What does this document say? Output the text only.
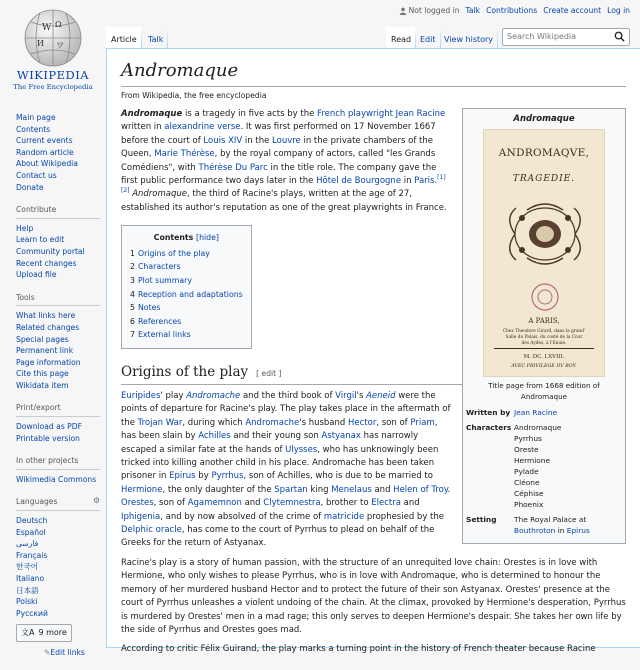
Not logged in Talk Contributions Create account Log in
W Ω
И ワ
WIKIPEDIA
The Free Encyclopedia
Article	Talk	Read	Edit	View history	Search Wikipedia
Main page
Contents
Current events
Random article
About Wikipedia
Contact us
Donate
Contribute
Help
Learn to edit
Community portal
Recent changes
Upload file
Tools
What links here
Related changes
Special pages
Permanent link
Page information
Cite this page
Wikidata item
Print/export
Download as PDF
Printable version
In other projects
Wikimedia Commons
Languages	⚙
Deutsch
Español
فارسی
Français
한국어
Italiano
日本語
Polski
Русский
文A 9 more
✎Edit links
Andromaque
From Wikipedia, the free encyclopedia
Andromaque
ANDROMAQVE,
TRAGEDIE.
A PARIS,
Chez Theodore Girard, dans la grand'
Salle du Palais, du costé de la Cour
des Aydes, à l'Enuie.
M. DC. LXVIII.
AVEC PRIVILEGE DV ROY.
Title page from 1668 edition of Andromaque
Written by Jean Racine
Characters Andromaque
Pyrrhus
Oreste
Hermione
Pylade
Cléone
Céphise
Phoenix
Setting	The Royal Palace at Bouthroton in Epirus

Andromaque is a tragedy in five acts by the French playwright Jean Racine written in alexandrine verse. It was first performed on 17 November 1667 before the court of Louis XIV in the Louvre in the private chambers of the Queen, Marie Thérèse, by the royal company of actors, called "les Grands Comédiens", with Thérèse Du Parc in the title role. The company gave the first public performance two days later in the Hôtel de Bourgogne in Paris.[1][2] Andromaque, the third of Racine's plays, written at the age of 27, established its author's reputation as one of the great playwrights in France.

Contents [hide]
1 Origins of the play
2 Characters
3 Plot summary
4 Reception and adaptations
5 Notes
6 References
7 External links
Origins of the play [ edit ]

Euripides' play Andromache and the third book of Virgil's Aeneid were the points of departure for Racine's play. The play takes place in the aftermath of the Trojan War, during which Andromache's husband Hector, son of Priam, has been slain by Achilles and their young son Astyanax has narrowly escaped a similar fate at the hands of Ulysses, who has unknowingly been tricked into killing another child in his place. Andromache has been taken prisoner in Epirus by Pyrrhus, son of Achilles, who is due to be married to Hermione, the only daughter of the Spartan king Menelaus and Helen of Troy. Orestes, son of Agamemnon and Clytemnestra, brother to Electra and Iphigenia, and by now absolved of the crime of matricide prophesied by the Delphic oracle, has come to the court of Pyrrhus to plead on behalf of the Greeks for the return of Astyanax.

Racine's play is a story of human passion, with the structure of an unrequited love chain: Orestes is in love with Hermione, who only wishes to please Pyrrhus, who is in love with Andromaque, who is determined to honour the memory of her murdered husband Hector and to protect the future of their son Astyanax. Orestes' presence at the court of Pyrrhus unleashes a violent undoing of the chain. At the climax, provoked by Hermione's desperation, Pyrrhus is murdered by Orestes' men in a mad rage; this only serves to deepen Hermione's despair. She takes her own life by the side of Pyrrhus and Orestes goes mad.

According to critic Félix Guirand, the play marks a turning point in the history of French theater because Racine
